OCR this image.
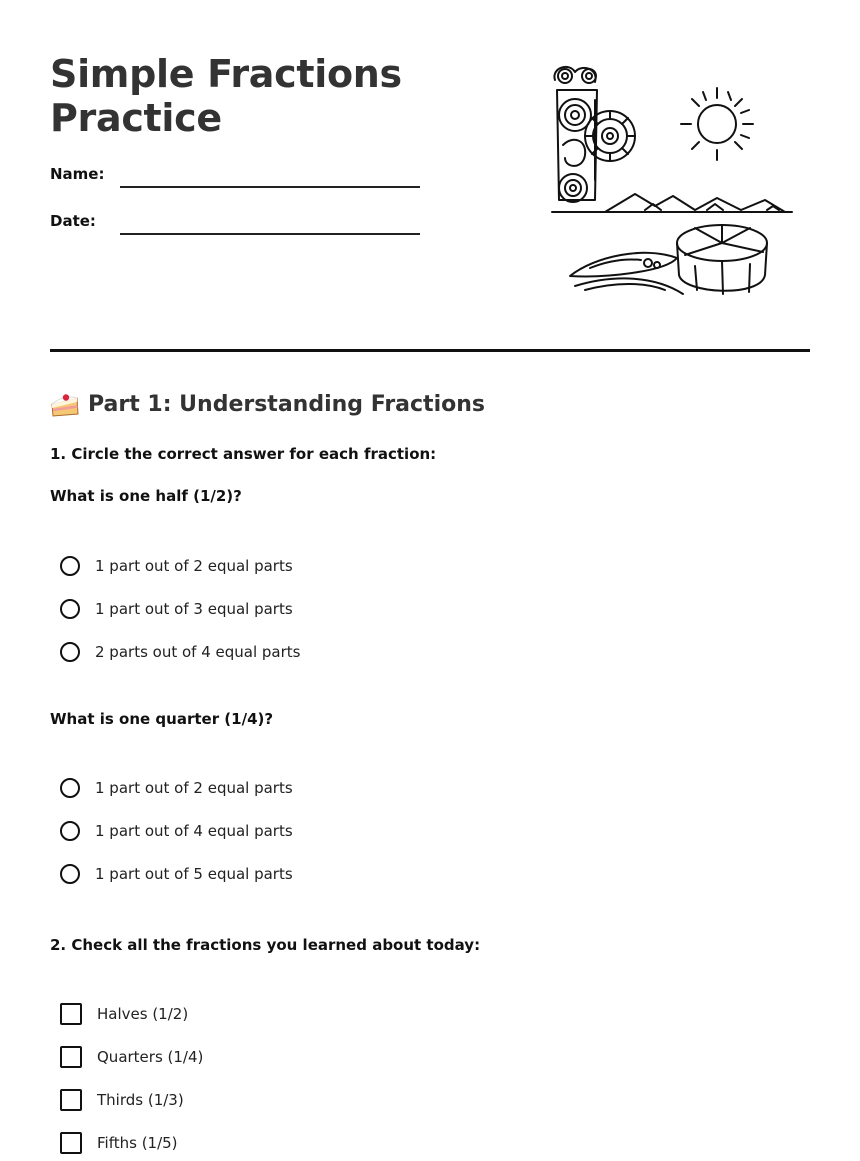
Simple Fractions
Practice
Name:
Date:
Part 1: Understanding Fractions
1. Circle the correct answer for each fraction:
What is one half (1/2)?
1 part out of 2 equal parts
1 part out of 3 equal parts
2 parts out of 4 equal parts
What is one quarter (1/4)?
1 part out of 2 equal parts
1 part out of 4 equal parts
1 part out of 5 equal parts
2. Check all the fractions you learned about today:
Halves (1/2)
Quarters (1/4)
Thirds (1/3)
Fifths (1/5)
